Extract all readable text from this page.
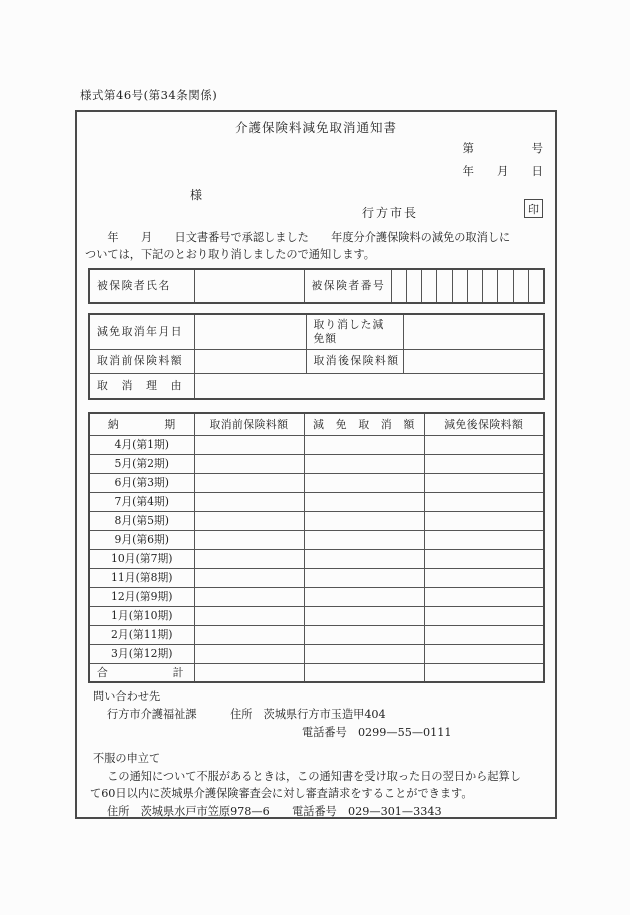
様式第46号(第34条関係)
介護保険料減免取消通知書
第　　　　　号
年　　月　　日
様
行方市長	印
　　年　　月　　日文書番号で承認しました　　年度分介護保険料の減免の取消しに
ついては，下記のとおり取り消しましたので通知します。
被保険者氏名		被保険者番号	
減免取消年月日		取り消した減免額	
取消前保険料額		取消後保険料額	
取　消　理　由			
納　　　　期	取消前保険料額	減　免　取　消　額	減免後保険料額
4月(第1期)			
5月(第2期)			
6月(第3期)			
7月(第4期)			
8月(第5期)			
9月(第6期)			
10月(第7期)			
11月(第8期)			
12月(第9期)			
1月(第10期)			
2月(第11期)			
3月(第12期)			
合　　　　　　計			
問い合わせ先
行方市介護福祉課　　　住所　茨城県行方市玉造甲404
電話番号　0299—55—0111
不服の申立て
　この通知について不服があるときは，この通知書を受け取った日の翌日から起算し
て60日以内に茨城県介護保険審査会に対し審査請求をすることができます。
住所　茨城県水戸市笠原978—6　　電話番号　029—301—3343
